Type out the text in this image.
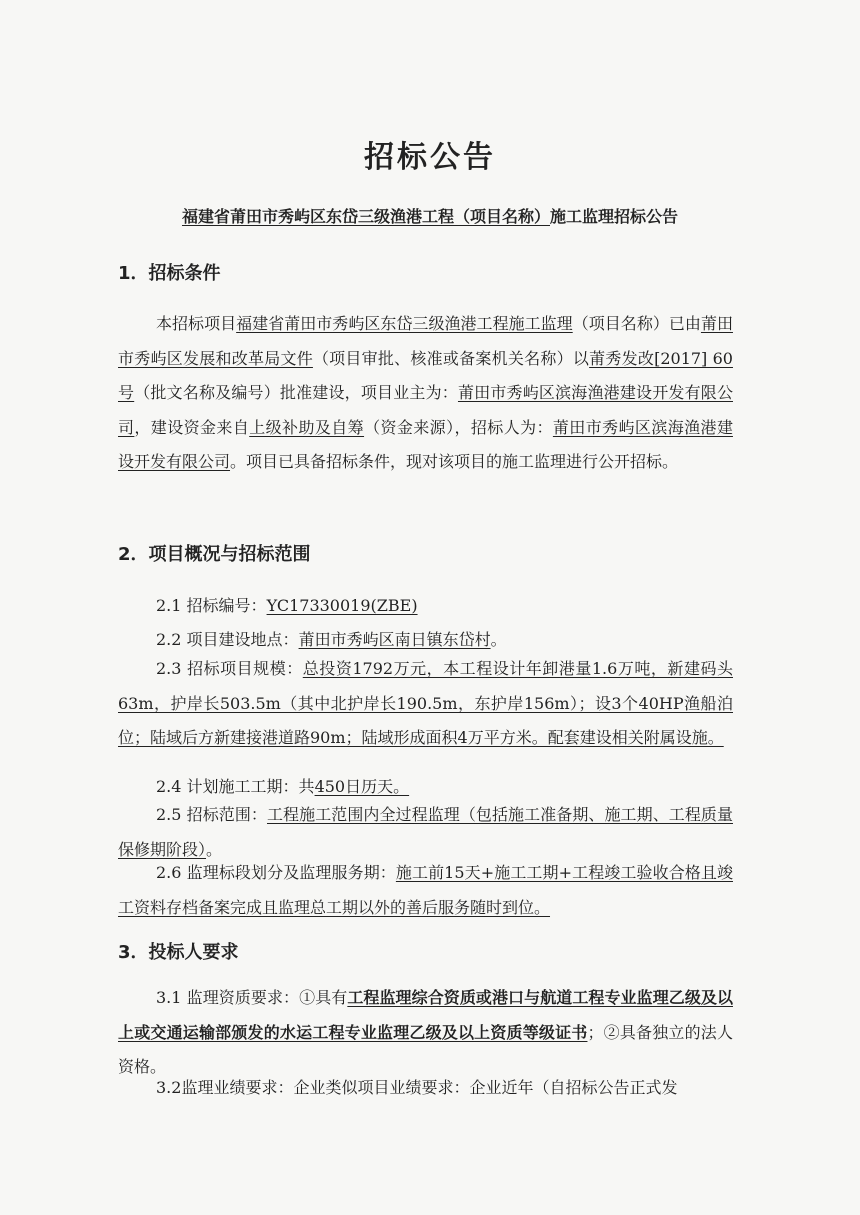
招标公告
福建省莆田市秀屿区东岱三级渔港工程（项目名称）施工监理招标公告
1．招标条件
本招标项目福建省莆田市秀屿区东岱三级渔港工程施工监理（项目名称）已由莆田市秀屿区发展和改革局文件（项目审批、核准或备案机关名称）以莆秀发改[2017] 60号（批文名称及编号）批准建设，项目业主为：莆田市秀屿区滨海渔港建设开发有限公司，建设资金来自上级补助及自筹（资金来源），招标人为：莆田市秀屿区滨海渔港建设开发有限公司。项目已具备招标条件，现对该项目的施工监理进行公开招标。
2．项目概况与招标范围
2.1 招标编号：YC17330019(ZBE)
2.2 项目建设地点：莆田市秀屿区南日镇东岱村。
2.3 招标项目规模：总投资1792万元，本工程设计年卸港量1.6万吨，新建码头63m，护岸长503.5m（其中北护岸长190.5m，东护岸156m）；设3个40HP渔船泊位；陆域后方新建接港道路90m；陆域形成面积4万平方米。配套建设相关附属设施。
2.4 计划施工工期：共450日历天。
2.5 招标范围：工程施工范围内全过程监理（包括施工准备期、施工期、工程质量保修期阶段）。
2.6 监理标段划分及监理服务期：施工前15天+施工工期+工程竣工验收合格且竣工资料存档备案完成且监理总工期以外的善后服务随时到位。
3．投标人要求
3.1 监理资质要求：①具有工程监理综合资质或港口与航道工程专业监理乙级及以上或交通运输部颁发的水运工程专业监理乙级及以上资质等级证书；②具备独立的法人资格。
3.2监理业绩要求：企业类似项目业绩要求：企业近年（自招标公告正式发
